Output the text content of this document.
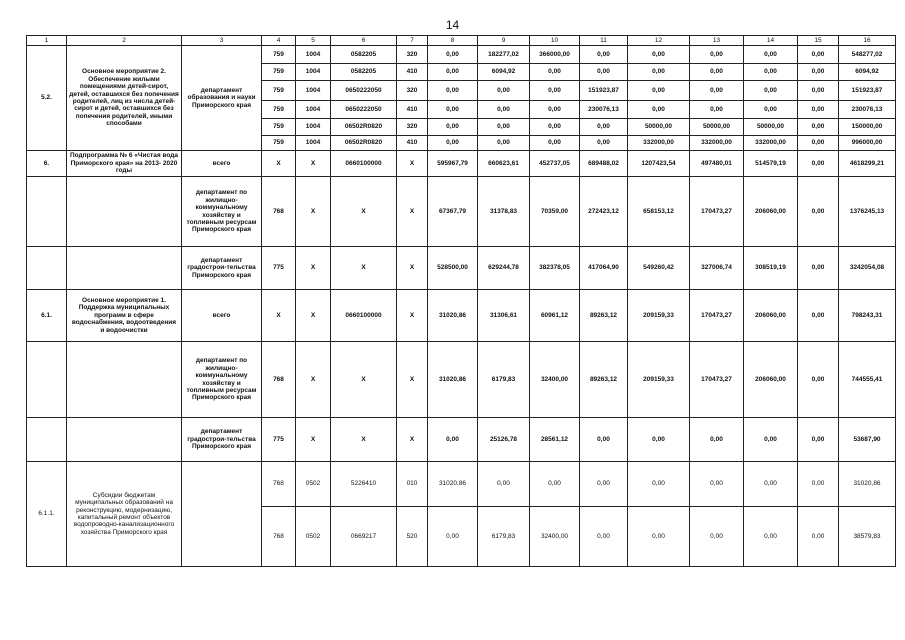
14
1	2	3	4	5	6	7	8	9	10	11	12	13	14	15	16
5.2.	Основное мероприятие 2. Обеспечение жилыми помещениями детей-сирот, детей, оставшихся без попечения родителей, лиц из числа детей-сирот и детей, оставшихся без попечения родителей, иными способами	департамент образования и науки Приморского края	759	1004	0582205	320	0,00	182277,02	366000,00	0,00	0,00	0,00	0,00	0,00	548277,02
			759	1004	0582205	410	0,00	6094,92	0,00	0,00	0,00	0,00	0,00	0,00	6094,92
			759	1004	0650222050	320	0,00	0,00	0,00	151923,87	0,00	0,00	0,00	0,00	151923,87
			759	1004	0650222050	410	0,00	0,00	0,00	230076,13	0,00	0,00	0,00	0,00	230076,13
			759	1004	06502R0820	320	0,00	0,00	0,00	0,00	50000,00	50000,00	50000,00	0,00	150000,00
			759	1004	06502R0820	410	0,00	0,00	0,00	0,00	332000,00	332000,00	332000,00	0,00	996000,00
6.	Подпрограмма № 6 «Чистая вода Приморского края» на 2013- 2020 годы	всего	X	X	0660100000	X	595967,79	660623,61	452737,05	689488,02	1207423,54	497480,01	514579,19	0,00	4618299,21
		департамент по жилищно-коммунальному хозяйству и топливным ресурсам Приморского края	768	X	X	X	67367,79	31378,83	70359,00	272423,12	658153,12	170473,27	206060,00	0,00	1376245,13
		департамент градострои-тельства Приморского края	775	X	X	X	528500,00	629244,78	382378,05	417064,90	549260,42	327006,74	308519,19	0,00	3242054,08
6.1.	Основное мероприятие 1. Поддержка муниципальных программ в сфере водоснабжения, водоотведения и водоочистки	всего	X	X	0660100000	X	31020,86	31306,61	60961,12	89263,12	209159,33	170473,27	206060,00	0,00	798243,31
		департамент по жилищно-коммунальному хозяйству и топливным ресурсам Приморского края	768	X	X	X	31020,86	6179,83	32400,00	89263,12	209159,33	170473,27	206060,00	0,00	744555,41
		департамент градострои-тельства Приморского края	775	X	X	X	0,00	25126,78	28561,12	0,00	0,00	0,00	0,00	0,00	53687,90
6.1.1.	Субсидии бюджетам муниципальных образований на реконструкцию, модернизацию, капитальный ремонт объектов водопроводно-канализационного хозяйства Приморского края		768	0502	5226410	010	31020,86	0,00	0,00	0,00	0,00	0,00	0,00	0,00	31020,86
			768	0502	0669217	520	0,00	6179,83	32400,00	0,00	0,00	0,00	0,00	0,00	38579,83
